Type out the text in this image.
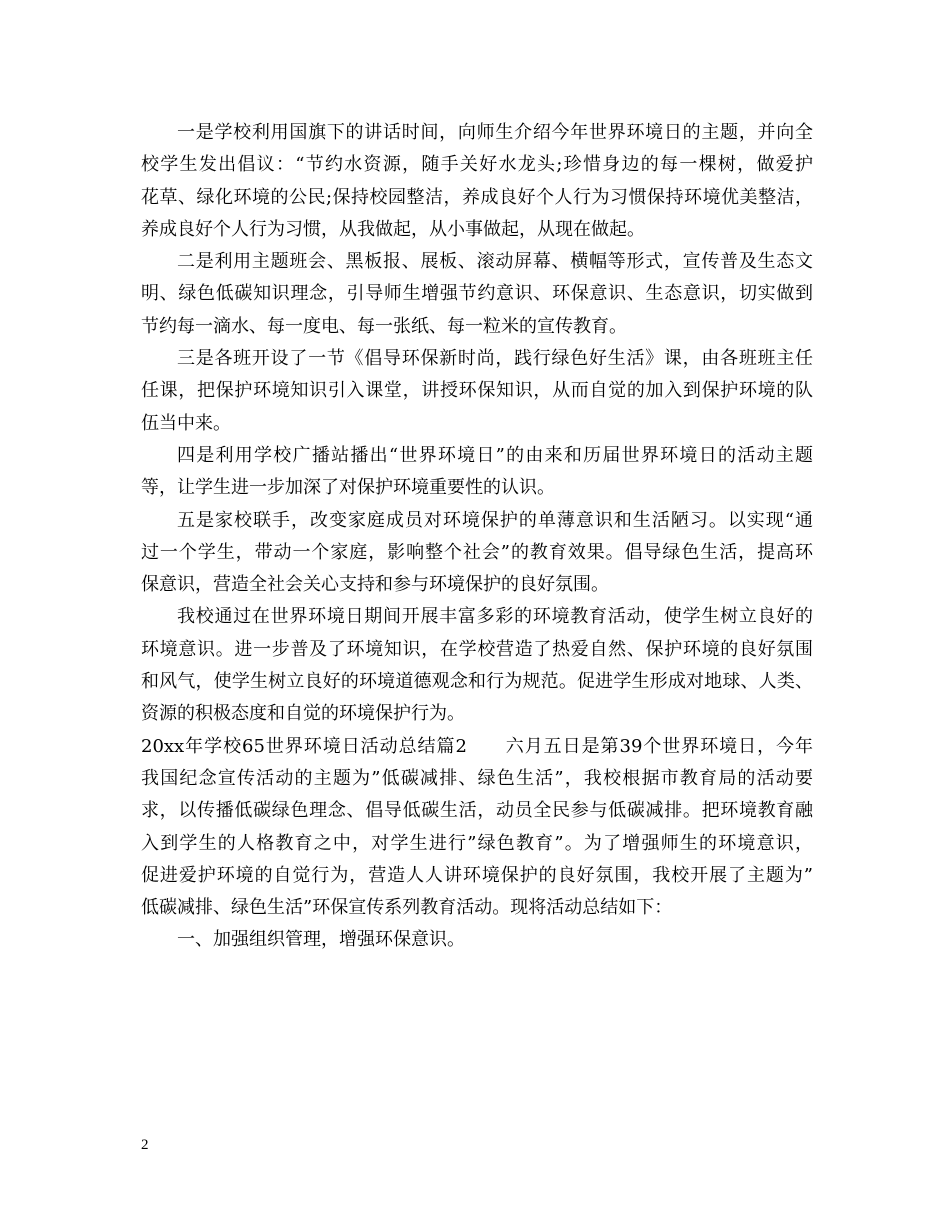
一是学校利用国旗下的讲话时间，向师生介绍今年世界环境日的主题，并向全
校学生发出倡议：“节约水资源，随手关好水龙头;珍惜身边的每一棵树，做爱护
花草、绿化环境的公民;保持校园整洁，养成良好个人行为习惯保持环境优美整洁，
养成良好个人行为习惯，从我做起，从小事做起，从现在做起。
二是利用主题班会、黑板报、展板、滚动屏幕、横幅等形式，宣传普及生态文
明、绿色低碳知识理念，引导师生增强节约意识、环保意识、生态意识，切实做到
节约每一滴水、每一度电、每一张纸、每一粒米的宣传教育。
三是各班开设了一节《倡导环保新时尚，践行绿色好生活》课，由各班班主任
任课，把保护环境知识引入课堂，讲授环保知识，从而自觉的加入到保护环境的队
伍当中来。
四是利用学校广播站播出“世界环境日”的由来和历届世界环境日的活动主题
等，让学生进一步加深了对保护环境重要性的认识。
五是家校联手，改变家庭成员对环境保护的单薄意识和生活陋习。以实现“通
过一个学生，带动一个家庭，影响整个社会”的教育效果。倡导绿色生活，提高环
保意识，营造全社会关心支持和参与环境保护的良好氛围。
我校通过在世界环境日期间开展丰富多彩的环境教育活动，使学生树立良好的
环境意识。进一步普及了环境知识，在学校营造了热爱自然、保护环境的良好氛围
和风气，使学生树立良好的环境道德观念和行为规范。促进学生形成对地球、人类、
资源的积极态度和自觉的环境保护行为。
20xx年学校65世界环境日活动总结篇2　　六月五日是第39个世界环境日，今年
我国纪念宣传活动的主题为”低碳减排、绿色生活”，我校根据市教育局的活动要
求，以传播低碳绿色理念、倡导低碳生活，动员全民参与低碳减排。把环境教育融
入到学生的人格教育之中，对学生进行”绿色教育”。为了增强师生的环境意识，
促进爱护环境的自觉行为，营造人人讲环境保护的良好氛围，我校开展了主题为”
低碳减排、绿色生活”环保宣传系列教育活动。现将活动总结如下：
一、加强组织管理，增强环保意识。
2
